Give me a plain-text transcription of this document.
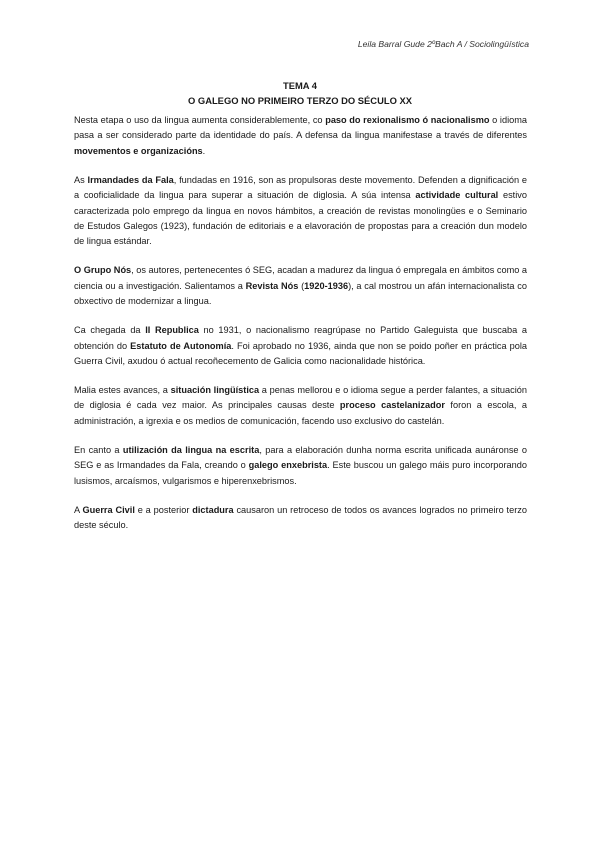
Leila Barral Gude 2ºBach A / Sociolingüística
TEMA 4
O GALEGO NO PRIMEIRO TERZO DO SÉCULO XX

Nesta etapa o uso da lingua aumenta considerablemente, co paso do rexionalismo ó nacionalismo o idioma pasa a ser considerado parte da identidade do país. A defensa da lingua manifestase a través de diferentes movementos e organizacións.

As Irmandades da Fala, fundadas en 1916, son as propulsoras deste movemento. Defenden a dignificación e a cooficialidade da lingua para superar a situación de diglosia. A súa intensa actividade cultural estivo caracterizada polo emprego da lingua en novos hámbitos, a creación de revistas monolingües e o Seminario de Estudos Galegos (1923), fundación de editoriais e a elavoración de propostas para a creación dun modelo de lingua estándar.

O Grupo Nós, os autores, pertenecentes ó SEG, acadan a madurez da lingua ó empregala en ámbitos como a ciencia ou a investigación. Salientamos a Revista Nós (1920-1936), a cal mostrou un afán internacionalista co obxectivo de modernizar a lingua.

Ca chegada da II Republica no 1931, o nacionalismo reagrúpase no Partido Galeguista que buscaba a obtención do Estatuto de Autonomía. Foi aprobado no 1936, ainda que non se poido poñer en práctica pola Guerra Civil, axudou ó actual recoñecemento de Galicia como nacionalidade histórica.

Malia estes avances, a situación lingüística a penas mellorou e o idioma segue a perder falantes, a situación de diglosia é cada vez maior. As principales causas deste proceso castelanizador foron a escola, a administración, a igrexia e os medios de comunicación, facendo uso exclusivo do castelán.

En canto a utilización da lingua na escrita, para a elaboración dunha norma escrita unificada aunáronse o SEG e as Irmandades da Fala, creando o galego enxebrista. Este buscou un galego máis puro incorporando lusismos, arcaísmos, vulgarismos e hiperenxebrismos.

A Guerra Civil e a posterior dictadura causaron un retroceso de todos os avances logrados no primeiro terzo deste século.
